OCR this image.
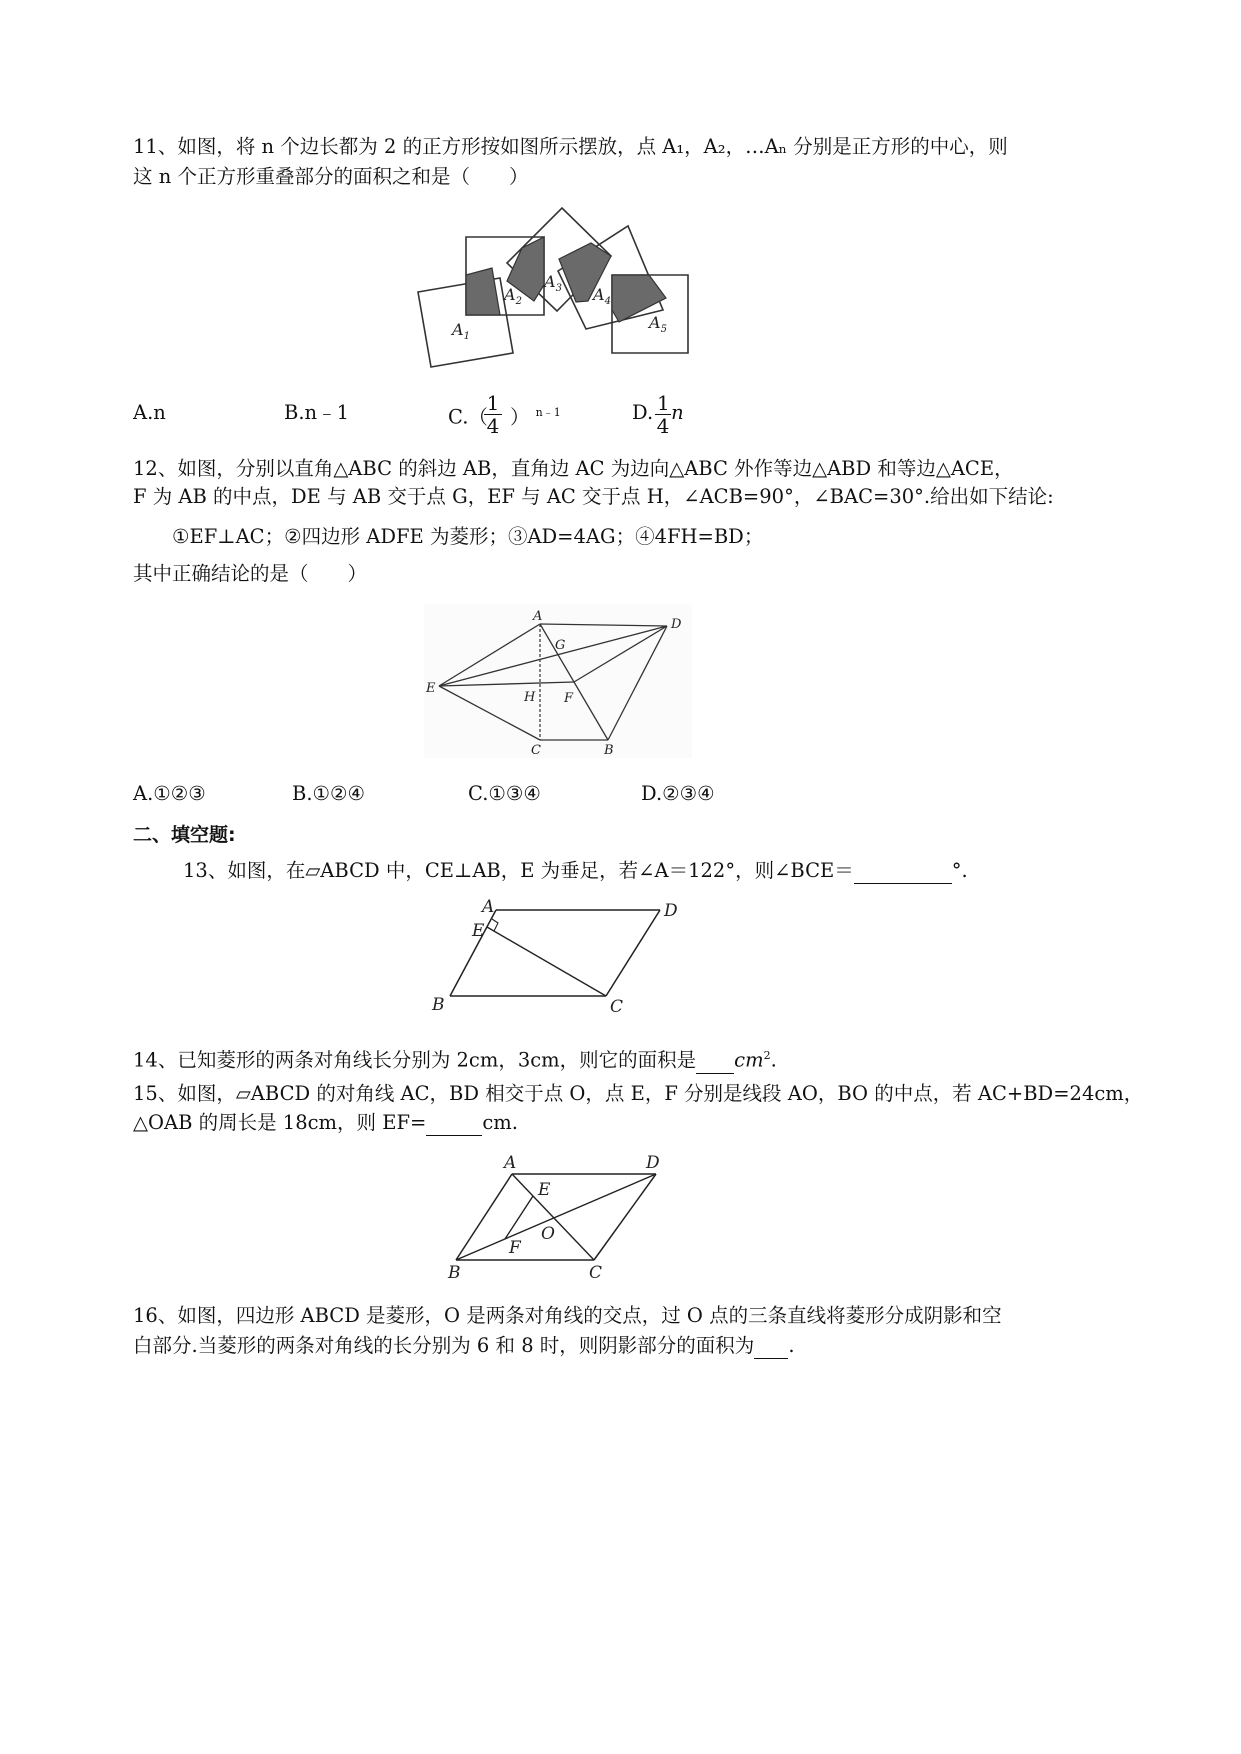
11、如图，将 n 个边长都为 2 的正方形按如图所示摆放，点 A₁，A₂，…Aₙ 分别是正方形的中心，则
这 n 个正方形重叠部分的面积之和是（　　）
$A_1$
$A_2$
$A_3$ $A_4$
$A_5$
A.n	B.n﹣1	C.（ ） $^{n﹣1}$
$\frac{1}{4}$	D. n
$\frac{1}{4}$
12、如图，分别以直角△ABC 的斜边 AB，直角边 AC 为边向△ABC 外作等边△ABD 和等边△ACE，
F 为 AB 的中点，DE 与 AB 交于点 G，EF 与 AC 交于点 H，∠ACB=90°，∠BAC=30°.给出如下结论:
①EF⊥AC；②四边形 ADFE 为菱形；③AD=4AG；④4FH=BD；
其中正确结论的是（　　）
A
D
G
E
H F
C	B
A.①②③	B.①②④	C.①③④	D.②③④
二、填空题:
13、如图，在▱ABCD 中，CE⊥AB，E 为垂足，若∠A＝122°，则∠BCE＝	°.
A	D
E
B	C
14、已知菱形的两条对角线长分别为 2cm，3cm，则它的面积是 $cm^2$.
15、如图，▱ABCD 的对角线 AC，BD 相交于点 O，点 E，F 分别是线段 AO，BO 的中点，若 AC+BD=24cm，
△OAB 的周长是 18cm，则 EF=	cm.
A	D
E
O
F
B	C
16、如图，四边形 ABCD 是菱形，O 是两条对角线的交点，过 O 点的三条直线将菱形分成阴影和空
白部分.当菱形的两条对角线的长分别为 6 和 8 时，则阴影部分的面积为 .
